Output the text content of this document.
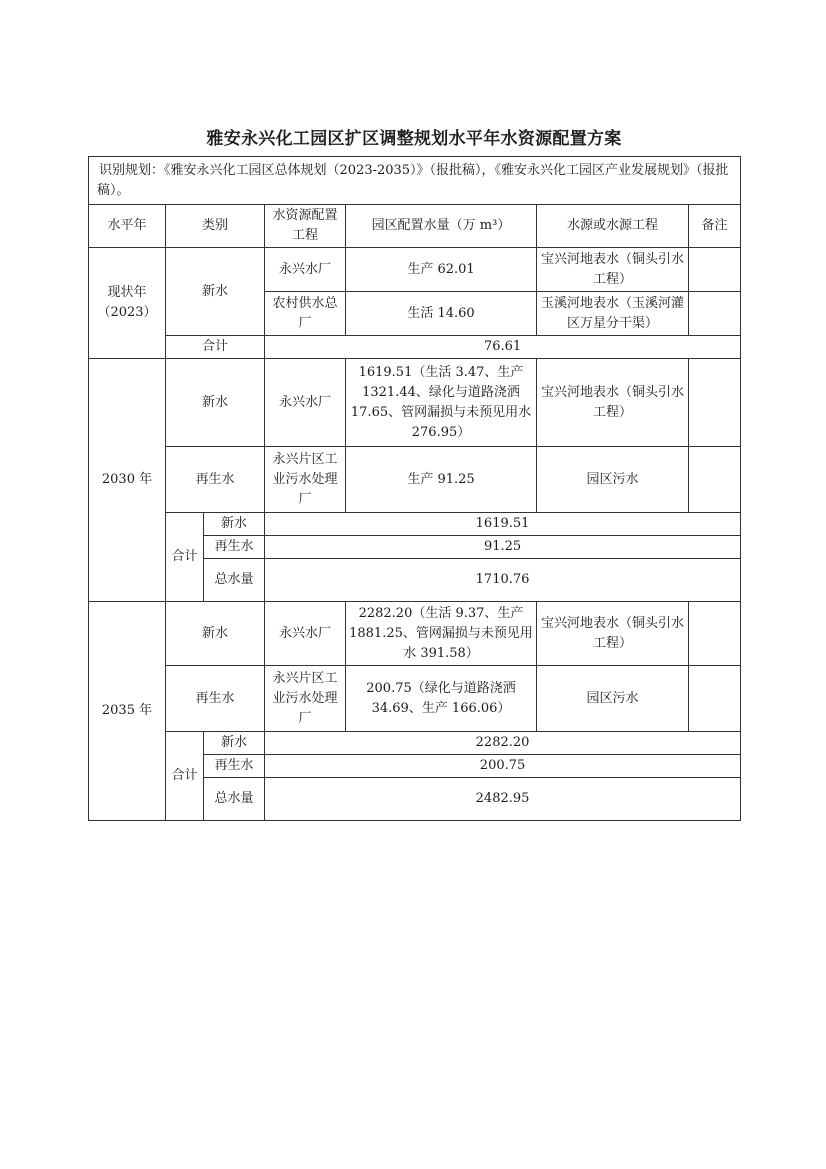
雅安永兴化工园区扩区调整规划水平年水资源配置方案
识别规划：《雅安永兴化工园区总体规划（2023-2035）》（报批稿），《雅安永兴化工园区产业发展规划》（报批稿）。						
水平年	类别		水资源配置工程	园区配置水量（万 m³）	水源或水源工程	备注
现状年（2023）	新水		永兴水厂	生产 62.01	宝兴河地表水（铜头引水工程）	
			农村供水总厂	生活 14.60	玉溪河地表水（玉溪河灌区万星分干渠）	
	合计		76.61			
2030 年	新水		永兴水厂	1619.51（生活 3.47、生产 1321.44、绿化与道路浇洒 17.65、管网漏损与未预见用水 276.95）	宝兴河地表水（铜头引水工程）	
	再生水		永兴片区工业污水处理厂	生产 91.25	园区污水	
	合计	新水	1619.51			
		再生水	91.25			
		总水量	1710.76			
2035 年	新水		永兴水厂	2282.20（生活 9.37、生产 1881.25、管网漏损与未预见用水 391.58）	宝兴河地表水（铜头引水工程）	
	再生水		永兴片区工业污水处理厂	200.75（绿化与道路浇洒 34.69、生产 166.06）	园区污水	
	合计	新水	2282.20			
		再生水	200.75			
		总水量	2482.95			
